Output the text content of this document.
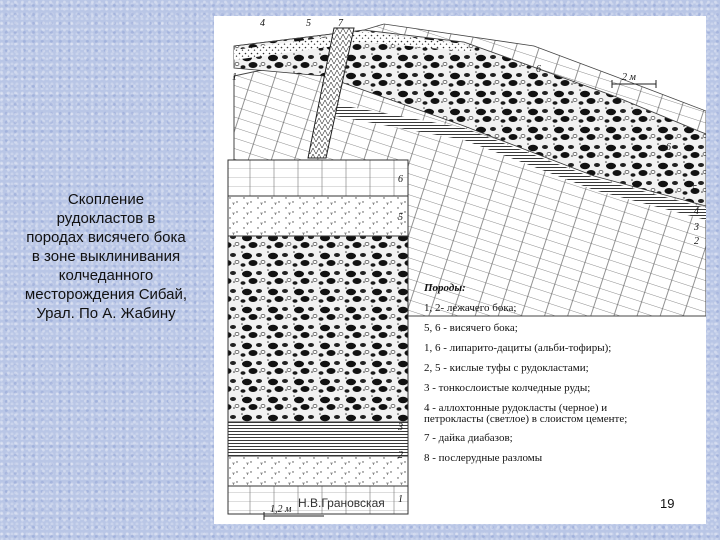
Скопление
рудокластов в
породах висячего бока
в зоне выклинивания
колчеданного
месторождения Сибай,
Урал. По А. Жабину
4	5	7
1
6
6
5
4
3
2
6
5
4
3
2
1
2 м
1,2 м
Породы:
1, 2- лежачего бока;
5, 6 - висячего бока;
1, 6 - липарито-дациты (альби-тофиры);
2, 5 - кислые туфы с рудокластами;
3 - тонкослоистые колчедные руды;
4 - аллохтонные рудокласты (черное) и
петрокласты (светлое) в слоистом цементе;
7 - дайка диабазов;
8 - послерудные разломы
Н.В.Грановская	19
